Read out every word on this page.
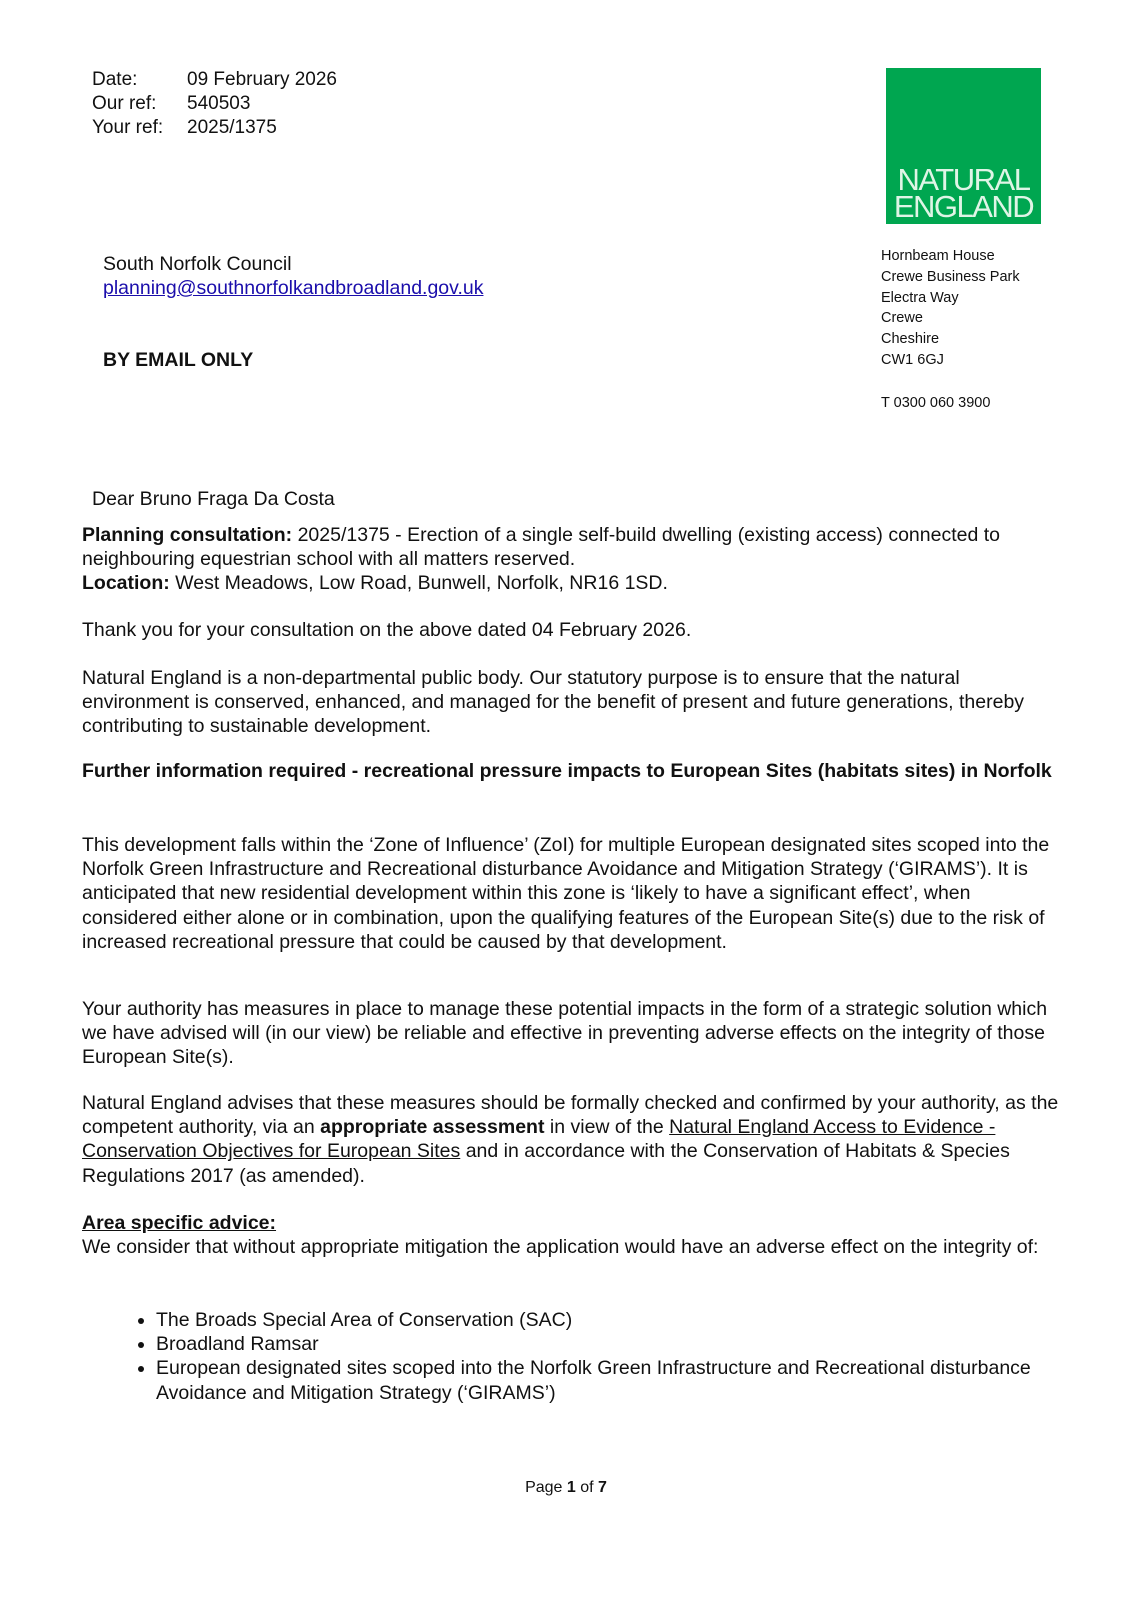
Date:	09 February 2026
Our ref:	540503
Your ref:	2025/1375
NATURAL
ENGLAND
Hornbeam House
Crewe Business Park
Electra Way
Crewe
Cheshire
CW1 6GJ
T 0300 060 3900
South Norfolk Council
planning@southnorfolkandbroadland.gov.uk
BY EMAIL ONLY
Dear Bruno Fraga Da Costa

Planning consultation: 2025/1375 - Erection of a single self-build dwelling (existing access) connected to neighbouring equestrian school with all matters reserved.

Location: West Meadows, Low Road, Bunwell, Norfolk, NR16 1SD.

Thank you for your consultation on the above dated 04 February 2026.
Natural England is a non-departmental public body. Our statutory purpose is to ensure that the natural environment is conserved, enhanced, and managed for the benefit of present and future generations, thereby contributing to sustainable development.
Further information required - recreational pressure impacts to European Sites (habitats sites) in Norfolk
This development falls within the ‘Zone of Influence’ (ZoI) for multiple European designated sites scoped into the Norfolk Green Infrastructure and Recreational disturbance Avoidance and Mitigation Strategy (‘GIRAMS’). It is anticipated that new residential development within this zone is ‘likely to have a significant effect’, when considered either alone or in combination, upon the qualifying features of the European Site(s) due to the risk of increased recreational pressure that could be caused by that development.
Your authority has measures in place to manage these potential impacts in the form of a strategic solution which we have advised will (in our view) be reliable and effective in preventing adverse effects on the integrity of those European Site(s).
Natural England advises that these measures should be formally checked and confirmed by your authority, as the competent authority, via an appropriate assessment in view of the Natural England Access to Evidence - Conservation Objectives for European Sites and in accordance with the Conservation of Habitats & Species Regulations 2017 (as amended).

Area specific advice:

We consider that without appropriate mitigation the application would have an adverse effect on the integrity of:

• The Broads Special Area of Conservation (SAC)
• Broadland Ramsar
• European designated sites scoped into the Norfolk Green Infrastructure and Recreational disturbance Avoidance and Mitigation Strategy (‘GIRAMS’)
Page 1 of 7
